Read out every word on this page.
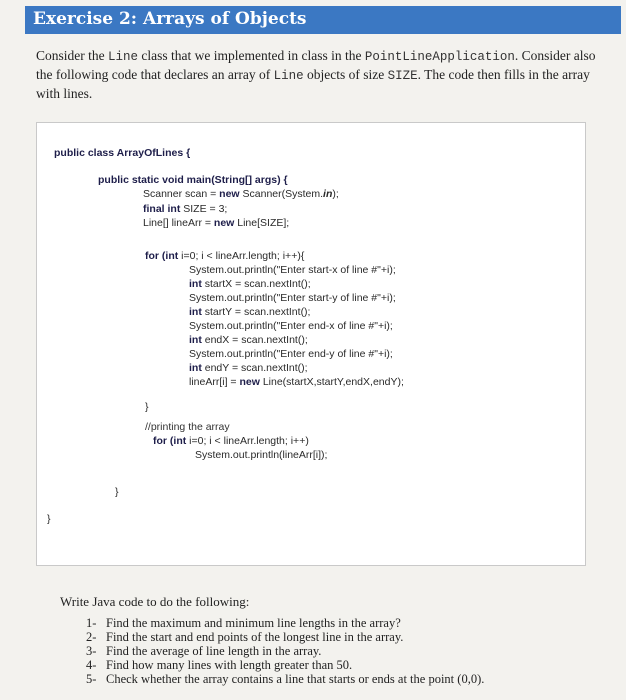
Exercise 2: Arrays of Objects
Consider the Line class that we implemented in class in the PointLineApplication. Consider also the following code that declares an array of Line objects of size SIZE. The code then fills in the array with lines.
public class ArrayOfLines {
public static void main(String[] args) {
Scanner scan = new Scanner(System.in);
final int SIZE = 3;
Line[] lineArr = new Line[SIZE];
for (int i=0; i < lineArr.length; i++){
System.out.println("Enter start-x of line #"+i);
int startX = scan.nextInt();
System.out.println("Enter start-y of line #"+i);
int startY = scan.nextInt();
System.out.println("Enter end-x of line #"+i);
int endX = scan.nextInt();
System.out.println("Enter end-y of line #"+i);
int endY = scan.nextInt();
lineArr[i] = new Line(startX,startY,endX,endY);
}
//printing the array
for (int i=0; i < lineArr.length; i++)
System.out.println(lineArr[i]);
}
}
Write Java code to do the following:
1- Find the maximum and minimum line lengths in the array?
2- Find the start and end points of the longest line in the array.
3- Find the average of line length in the array.
4- Find how many lines with length greater than 50.
5- Check whether the array contains a line that starts or ends at the point (0,0).
